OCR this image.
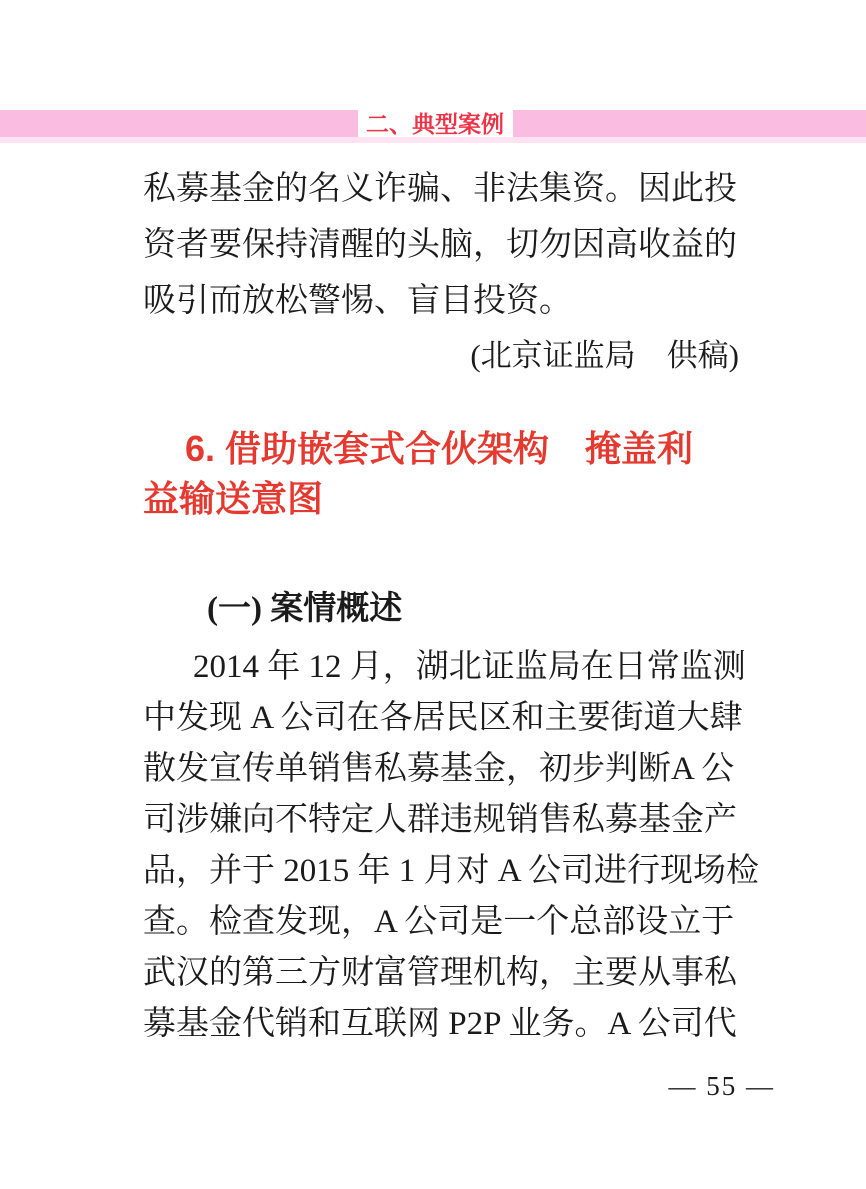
二、典型案例
私募基金的名义诈骗、非法集资。因此投
资者要保持清醒的头脑，切勿因高收益的
吸引而放松警惕、盲目投资。
(北京证监局　供稿)
6. 借助嵌套式合伙架构　掩盖利
益输送意图
(一) 案情概述
2014 年 12 月，湖北证监局在日常监测
中发现 A 公司在各居民区和主要街道大肆
散发宣传单销售私募基金，初步判断A 公
司涉嫌向不特定人群违规销售私募基金产
品，并于 2015 年 1 月对 A 公司进行现场检
查。检查发现，A 公司是一个总部设立于
武汉的第三方财富管理机构，主要从事私
募基金代销和互联网 P2P 业务。A 公司代
— 55 —
